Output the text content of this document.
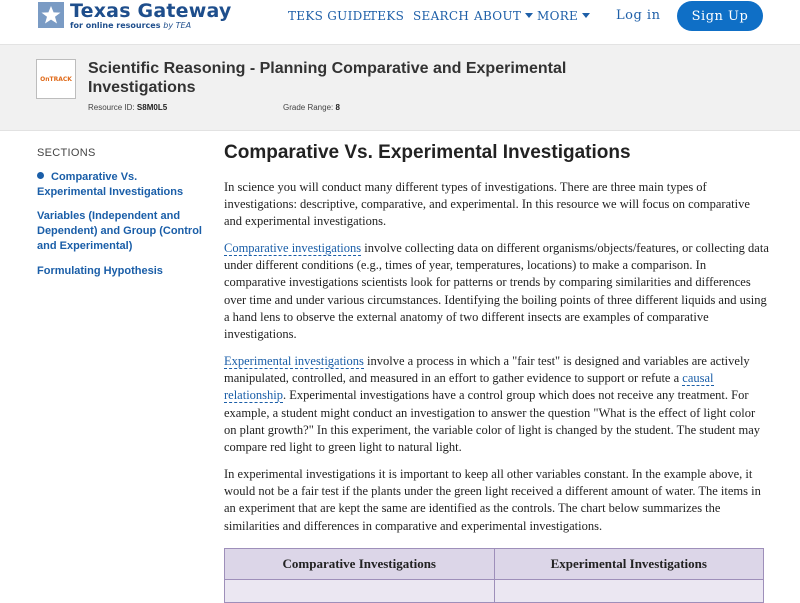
Texas Gateway
for online resources by TEA
TEKS GUIDE
TEKS SEARCH ABOUT	MORE	Log in	Sign Up
OnTRACK
Scientific Reasoning - Planning Comparative and Experimental Investigations
Resource ID: S8M0L5	Grade Range: 8
SECTIONS
Comparative Vs. Experimental Investigations
Variables (Independent and Dependent) and Group (Control and Experimental)
Formulating Hypothesis
Comparative Vs. Experimental Investigations

In science you will conduct many different types of investigations. There are three main types of investigations: descriptive, comparative, and experimental. In this resource we will focus on comparative and experimental investigations.

Comparative investigations involve collecting data on different organisms/objects/features, or collecting data under different conditions (e.g., times of year, temperatures, locations) to make a comparison. In comparative investigations scientists look for patterns or trends by comparing similarities and differences over time and under various circumstances. Identifying the boiling points of three different liquids and using a hand lens to observe the external anatomy of two different insects are examples of comparative investigations.

Experimental investigations involve a process in which a "fair test" is designed and variables are actively manipulated, controlled, and measured in an effort to gather evidence to support or refute a causal relationship. Experimental investigations have a control group which does not receive any treatment. For example, a student might conduct an investigation to answer the question "What is the effect of light color on plant growth?" In this experiment, the variable color of light is changed by the student. The student may compare red light to green light to natural light.

In experimental investigations it is important to keep all other variables constant. In the example above, it would not be a fair test if the plants under the green light received a different amount of water. The items in an experiment that are kept the same are identified as the controls. The chart below summarizes the similarities and differences in comparative and experimental investigations.

Comparative Investigations	Experimental Investigations
